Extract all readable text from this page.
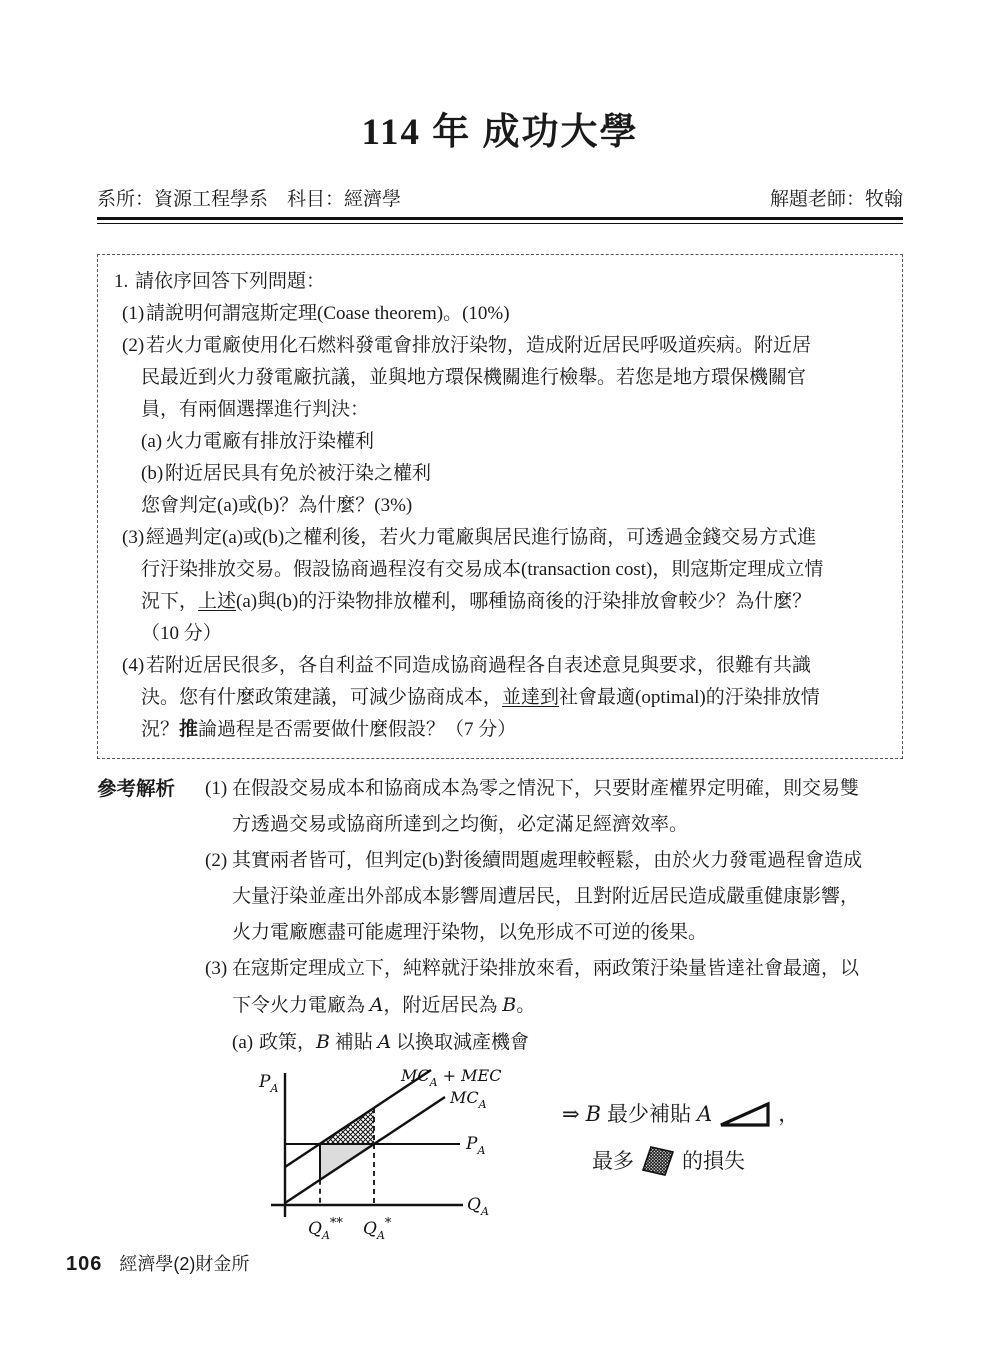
114 年 成功大學
系所：資源工程學系　科目：經濟學	解題老師：牧翰
1. 請依序回答下列問題：
(1)請說明何謂寇斯定理(Coase theorem)。(10%)
(2)若火力電廠使用化石燃料發電會排放汙染物，造成附近居民呼吸道疾病。附近居
民最近到火力發電廠抗議，並與地方環保機關進行檢舉。若您是地方環保機關官
員，有兩個選擇進行判決：
(a) 火力電廠有排放汙染權利
(b)附近居民具有免於被汙染之權利
您會判定(a)或(b)？為什麼？(3%)
(3)經過判定(a)或(b)之權利後，若火力電廠與居民進行協商，可透過金錢交易方式進
行汙染排放交易。假設協商過程沒有交易成本(transaction cost)，則寇斯定理成立情
況下，上述(a)與(b)的汙染物排放權利，哪種協商後的汙染排放會較少？為什麼？
（10 分）
(4)若附近居民很多，各自利益不同造成協商過程各自表述意見與要求，很難有共識
決。您有什麼政策建議，可減少協商成本，並達到社會最適(optimal)的汙染排放情
況？推論過程是否需要做什麼假設？（7 分）
參考解析 (1) 在假設交易成本和協商成本為零之情況下，只要財產權界定明確，則交易雙
方透過交易或協商所達到之均衡，必定滿足經濟效率。
(2) 其實兩者皆可，但判定(b)對後續問題處理較輕鬆，由於火力發電過程會造成
大量汙染並產出外部成本影響周遭居民，且對附近居民造成嚴重健康影響，
火力電廠應盡可能處理汙染物，以免形成不可逆的後果。
(3) 在寇斯定理成立下，純粹就汙染排放來看，兩政策汙染量皆達社會最適，以
下令火力電廠為 A，附近居民為 B。
(a) 政策，B 補貼 A 以換取減產機會
$P_A$
$MC_A$ + MEC
$MC_A$
$P_A$
$Q_A$
$Q_A^{**}$ $Q_A^*$
⇒ B 最少補貼 A	，
最多 的損失
106 經濟學(2)財金所
